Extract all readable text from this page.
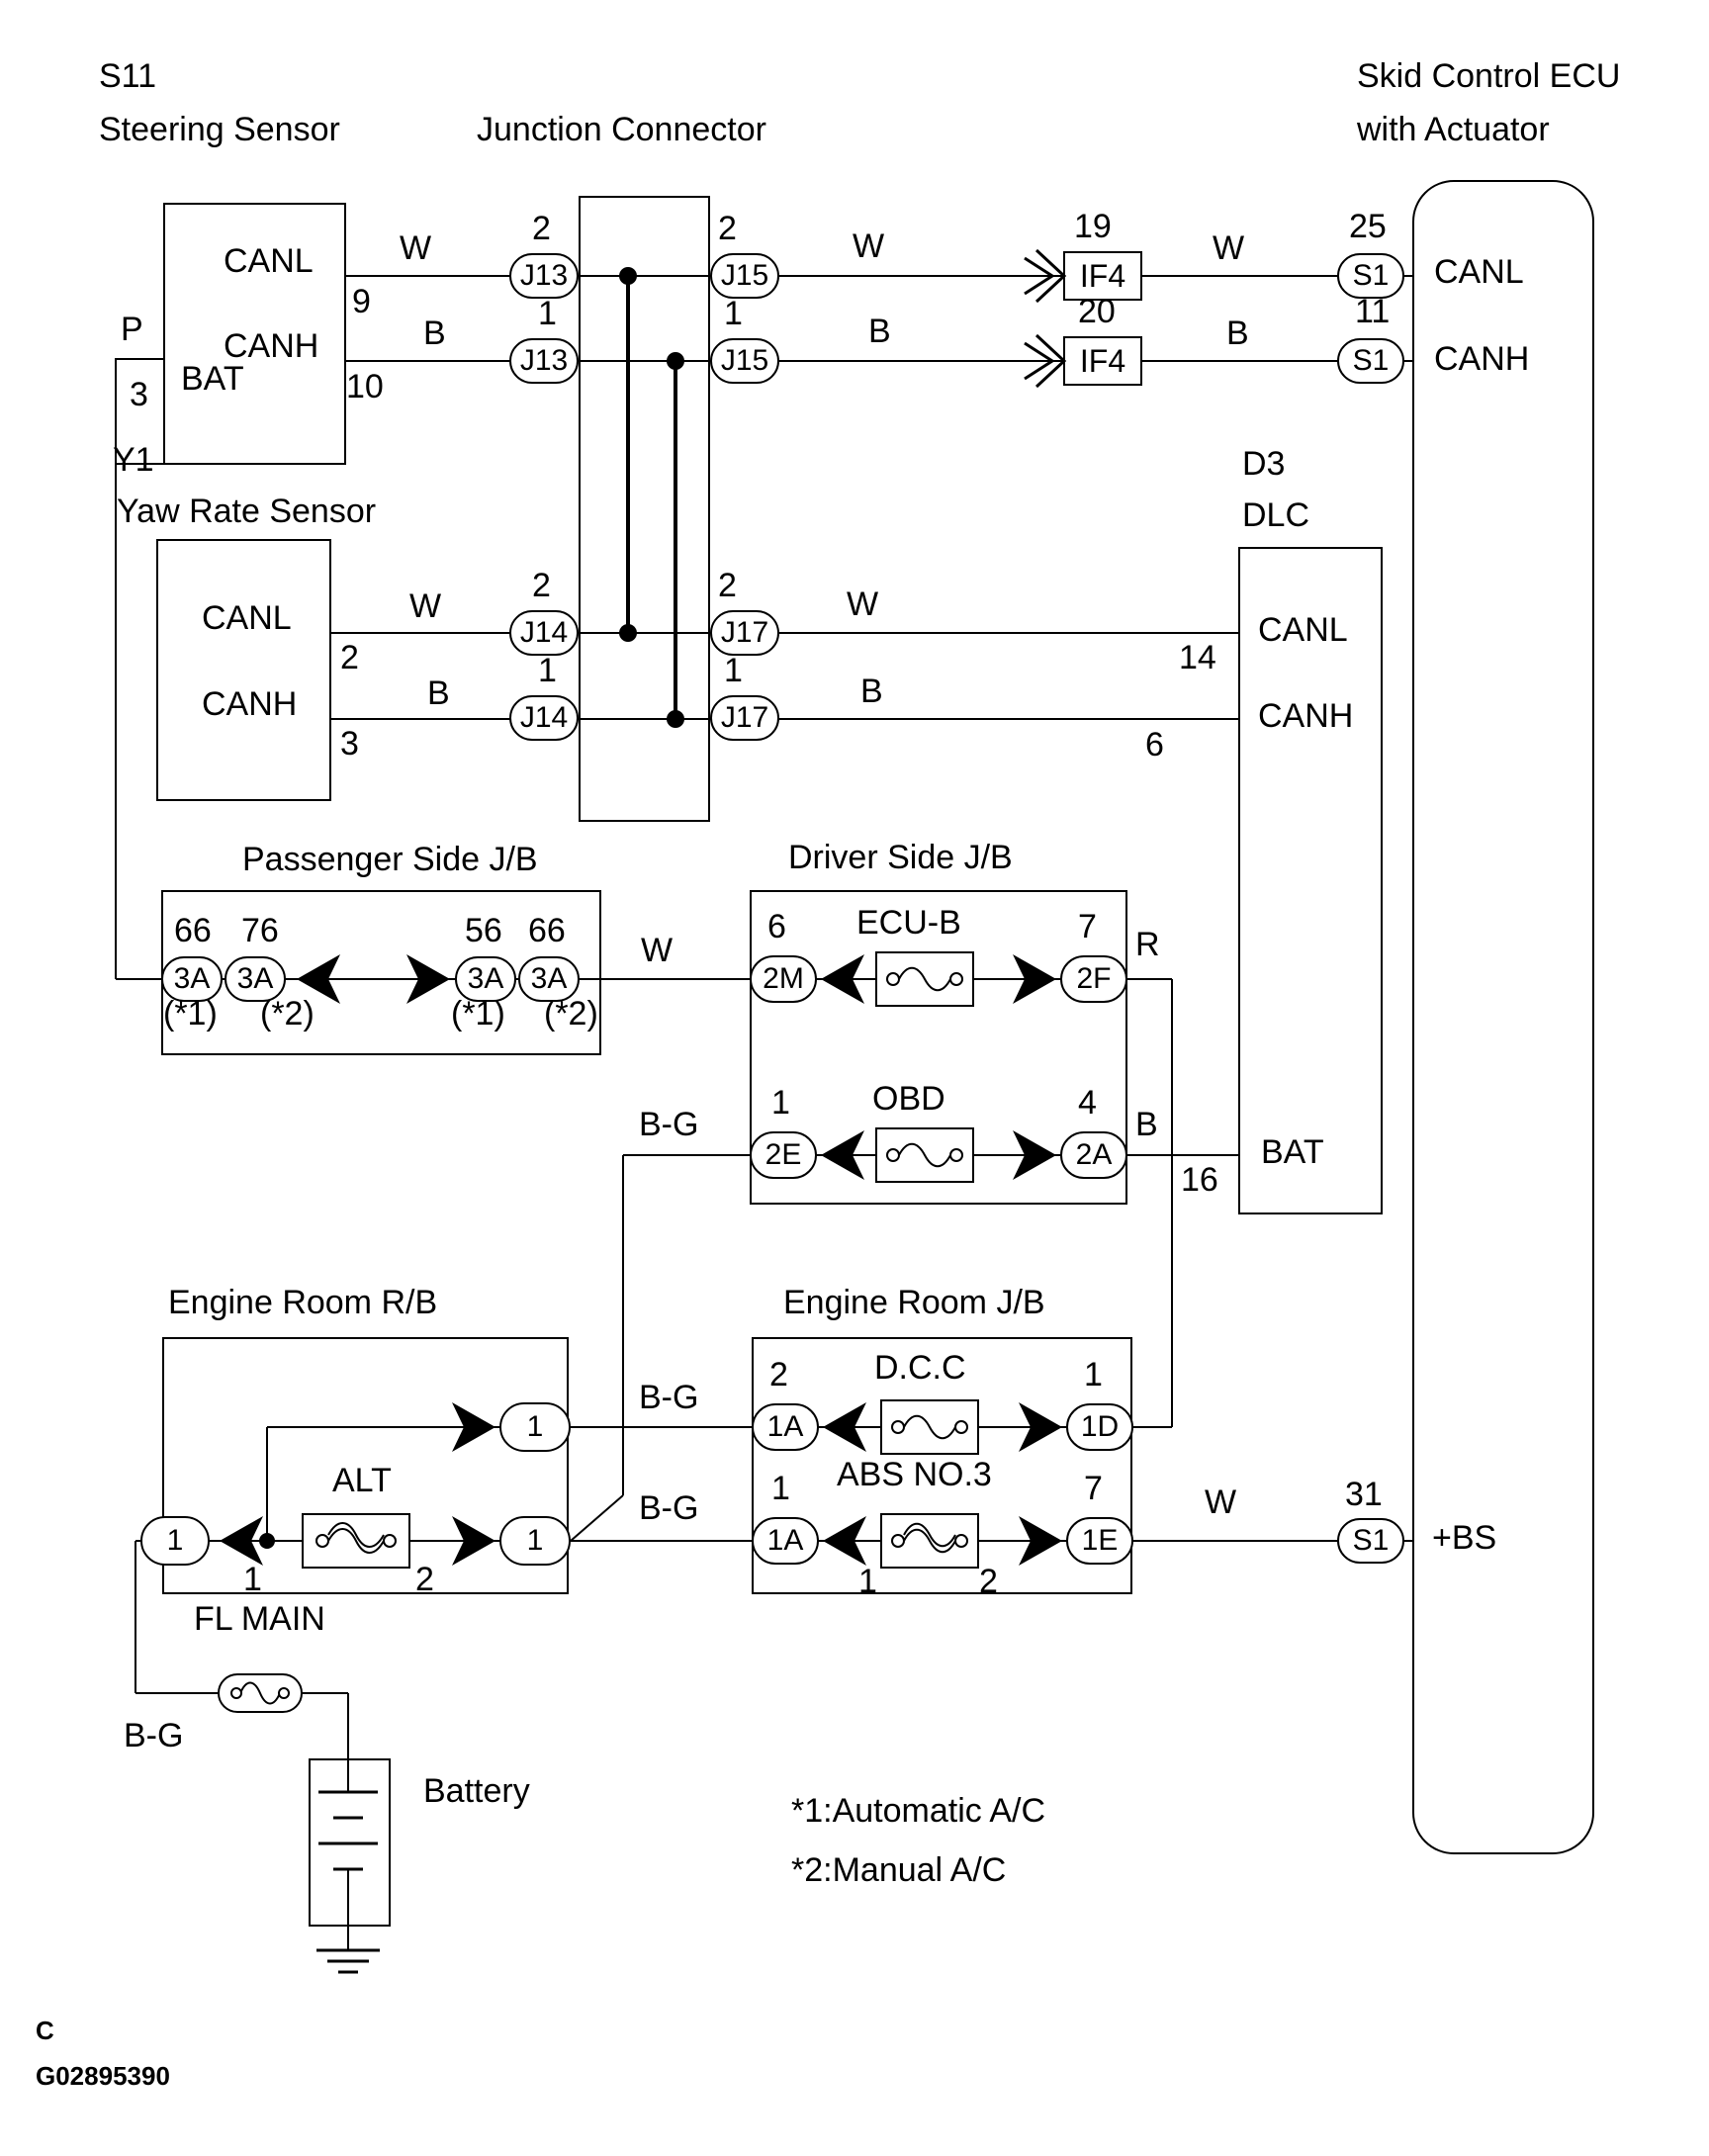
J13
J13
J15
J15
J14
J14
J17
J17
S1
S1
S1
3A 3A	3A 3A	2M	2F
2E	2A
1A	1D
1A	1E
1
1
1
IF4
IF4
S11
Steering Sensor	Junction Connector
Skid Control ECU
with Actuator
CANL
CANH
BAT
3
P
9
10
Y1
Yaw Rate Sensor
CANL
CANH
2
3
2
1
2
1
2
1
2
1
W	W	W
B	B	B
W	W
B	B
19
20
25
11
31
CANL
CANH
+BS
D3
DLC
CANL
CANH
BAT
14
6
16
Passenger Side J/B
66 76	56 66
(*1) (*2)	(*1) (*2)
W
Driver Side J/B
6 ECU-B	7 R
B-G
1 OBD	4
B
Engine Room R/B
ALT
1	2
B-G
B-G
Engine Room J/B
2	D.C.C	1
1 ABS NO.3	7
1	2
W
FL MAIN
B-G
Battery
*1:Automatic A/C
*2:Manual A/C
C
G02895390
